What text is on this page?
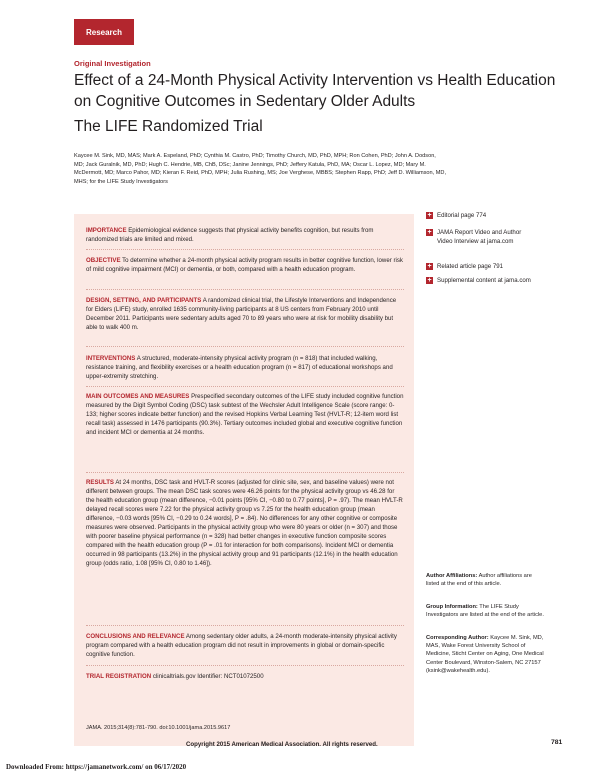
Research
Original Investigation
Effect of a 24-Month Physical Activity Intervention vs Health Education on Cognitive Outcomes in Sedentary Older Adults
The LIFE Randomized Trial
Kaycee M. Sink, MD, MAS; Mark A. Espeland, PhD; Cynthia M. Castro, PhD; Timothy Church, MD, PhD, MPH; Ron Cohen, PhD; John A. Dodson, MD; Jack Guralnik, MD, PhD; Hugh C. Hendrie, MB, ChB, DSc; Janine Jennings, PhD; Jeffery Katula, PhD, MA; Oscar L. Lopez, MD; Mary M. McDermott, MD; Marco Pahor, MD; Kieran F. Reid, PhD, MPH; Julia Rushing, MS; Joe Verghese, MBBS; Stephen Rapp, PhD; Jeff D. Williamson, MD, MHS; for the LIFE Study Investigators
IMPORTANCE Epidemiological evidence suggests that physical activity benefits cognition, but results from randomized trials are limited and mixed.
OBJECTIVE To determine whether a 24-month physical activity program results in better cognitive function, lower risk of mild cognitive impairment (MCI) or dementia, or both, compared with a health education program.
DESIGN, SETTING, AND PARTICIPANTS A randomized clinical trial, the Lifestyle Interventions and Independence for Elders (LIFE) study, enrolled 1635 community-living participants at 8 US centers from February 2010 until December 2011. Participants were sedentary adults aged 70 to 89 years who were at risk for mobility disability but able to walk 400 m.
INTERVENTIONS A structured, moderate-intensity physical activity program (n = 818) that included walking, resistance training, and flexibility exercises or a health education program (n = 817) of educational workshops and upper-extremity stretching.
MAIN OUTCOMES AND MEASURES Prespecified secondary outcomes of the LIFE study included cognitive function measured by the Digit Symbol Coding (DSC) task subtest of the Wechsler Adult Intelligence Scale (score range: 0-133; higher scores indicate better function) and the revised Hopkins Verbal Learning Test (HVLT-R; 12-item word list recall task) assessed in 1476 participants (90.3%). Tertiary outcomes included global and executive cognitive function and incident MCI or dementia at 24 months.
RESULTS At 24 months, DSC task and HVLT-R scores (adjusted for clinic site, sex, and baseline values) were not different between groups. The mean DSC task scores were 46.26 points for the physical activity group vs 46.28 for the health education group (mean difference, −0.01 points [95% CI, −0.80 to 0.77 points], P = .97). The mean HVLT-R delayed recall scores were 7.22 for the physical activity group vs 7.25 for the health education group (mean difference, −0.03 words [95% CI, −0.29 to 0.24 words], P = .84). No differences for any other cognitive or composite measures were observed. Participants in the physical activity group who were 80 years or older (n = 307) and those with poorer baseline physical performance (n = 328) had better changes in executive function composite scores compared with the health education group (P = .01 for interaction for both comparisons). Incident MCI or dementia occurred in 98 participants (13.2%) in the physical activity group and 91 participants (12.1%) in the health education group (odds ratio, 1.08 [95% CI, 0.80 to 1.46]).
CONCLUSIONS AND RELEVANCE Among sedentary older adults, a 24-month moderate-intensity physical activity program compared with a health education program did not result in improvements in global or domain-specific cognitive function.
TRIAL REGISTRATION clinicaltrials.gov Identifier: NCT01072500
JAMA. 2015;314(8):781-790. doi:10.1001/jama.2015.9617
+ Editorial page 774
+ JAMA Report Video and Author Video Interview at jama.com
+ Related article page 791
+ Supplemental content at jama.com
Author Affiliations: Author affiliations are listed at the end of this article.
Group Information: The LIFE Study Investigators are listed at the end of the article.
Corresponding Author: Kaycee M. Sink, MD, MAS, Wake Forest University School of Medicine, Sticht Center on Aging, One Medical Center Boulevard, Winston-Salem, NC 27157 (ksink@wakehealth.edu).
Copyright 2015 American Medical Association. All rights reserved.	781
Downloaded From: https://jamanetwork.com/ on 06/17/2020
